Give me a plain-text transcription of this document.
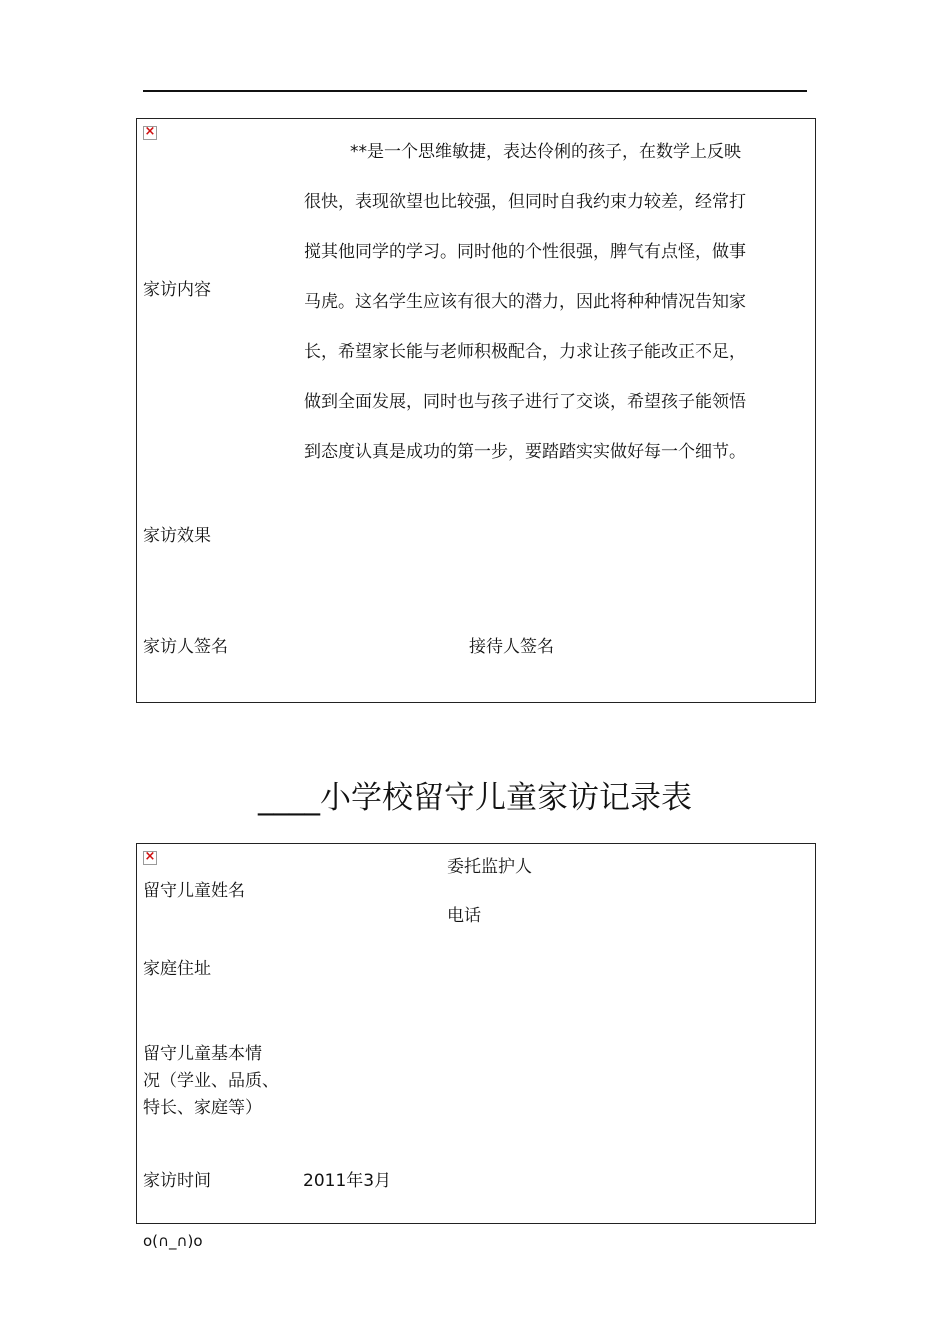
×
家访内容
**是一个思维敏捷，表达伶俐的孩子，在数学上反映
很快，表现欲望也比较强，但同时自我约束力较差，经常打
搅其他同学的学习。同时他的个性很强，脾气有点怪，做事
马虎。这名学生应该有很大的潜力，因此将种种情况告知家
长，希望家长能与老师积极配合，力求让孩子能改正不足，
做到全面发展，同时也与孩子进行了交谈，希望孩子能领悟
到态度认真是成功的第一步，要踏踏实实做好每一个细节。
家访效果
家访人签名	接待人签名
____小学校留守儿童家访记录表
×
留守儿童姓名
委托监护人
电话
家庭住址
留守儿童基本情
况（学业、品质、
特长、家庭等）
家访时间	2011年3月
o(∩_∩)o
